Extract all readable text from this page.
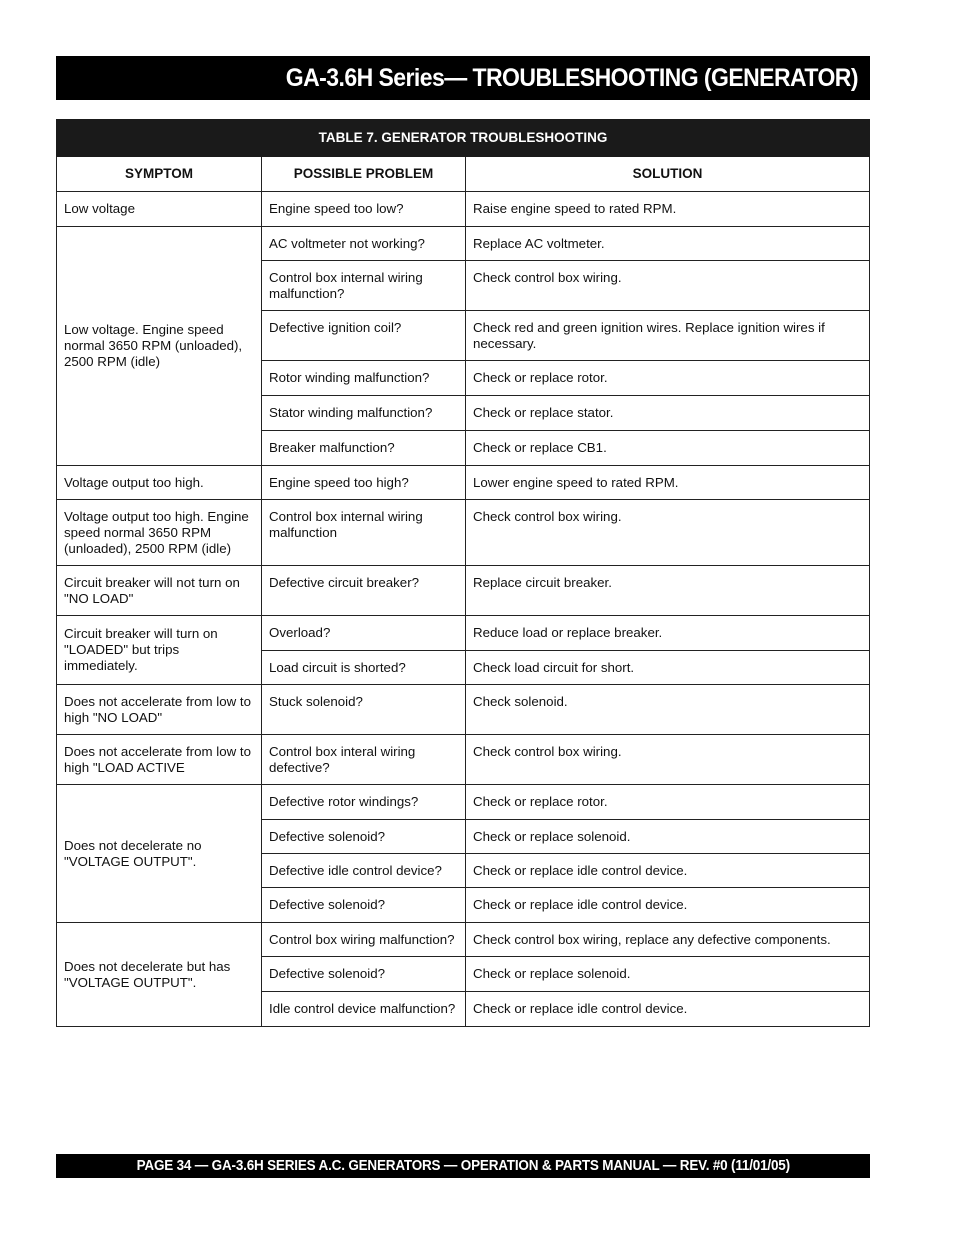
GA-3.6H Series— TROUBLESHOOTING (GENERATOR)
TABLE 7. GENERATOR TROUBLESHOOTING		
SYMPTOM	POSSIBLE PROBLEM	SOLUTION
Low voltage	Engine speed too low?	Raise engine speed to rated RPM.
Low voltage. Engine speed normal 3650 RPM (unloaded), 2500 RPM (idle)	AC voltmeter not working?	Replace AC voltmeter.
	Control box internal wiring malfunction?	Check control box wiring.
	Defective ignition coil?	Check red and green ignition wires. Replace ignition wires if necessary.
	Rotor winding malfunction?	Check or replace rotor.
	Stator winding malfunction?	Check or replace stator.
	Breaker malfunction?	Check or replace CB1.
Voltage output too high.	Engine speed too high?	Lower engine speed to rated RPM.
Voltage output too high. Engine speed normal 3650 RPM (unloaded), 2500 RPM (idle)	Control box internal wiring malfunction	Check control box wiring.
Circuit breaker will not turn on "NO LOAD"	Defective circuit breaker?	Replace circuit breaker.
Circuit breaker will turn on "LOADED" but trips immediately.	Overload?	Reduce load or replace breaker.
	Load circuit is shorted?	Check load circuit for short.
Does not accelerate from low to high "NO LOAD"	Stuck solenoid?	Check solenoid.
Does not accelerate from low to high "LOAD ACTIVE	Control box interal wiring defective?	Check control box wiring.
Does not decelerate no "VOLTAGE OUTPUT".	Defective rotor windings?	Check or replace rotor.
	Defective solenoid?	Check or replace solenoid.
	Defective idle control device?	Check or replace idle control device.
	Defective solenoid?	Check or replace idle control device.
Does not decelerate but has "VOLTAGE OUTPUT".	Control box wiring malfunction?	Check control box wiring, replace any defective components.
	Defective solenoid?	Check or replace solenoid.
	Idle control device malfunction?	Check or replace idle control device.
PAGE 34 — GA-3.6H SERIES A.C. GENERATORS — OPERATION & PARTS MANUAL — REV. #0 (11/01/05)
